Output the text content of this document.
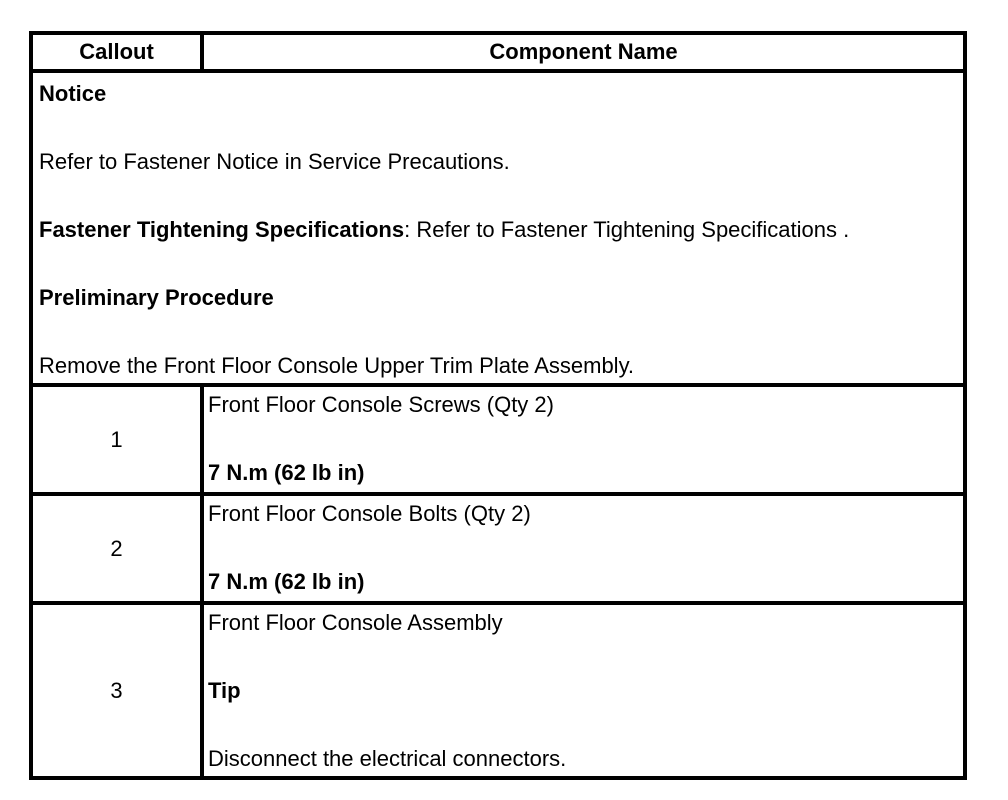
Callout	Component Name

Notice

Refer to Fastener Notice in Service Precautions.

Fastener Tightening Specifications: Refer to Fastener Tightening Specifications .

Preliminary Procedure

Remove the Front Floor Console Upper Trim Plate Assembly.	

1	Front Floor Console Screws (Qty 2)

7 N.m (62 lb in)

2	Front Floor Console Bolts (Qty 2)

7 N.m (62 lb in)

3	Front Floor Console Assembly

Tip

Disconnect the electrical connectors.
